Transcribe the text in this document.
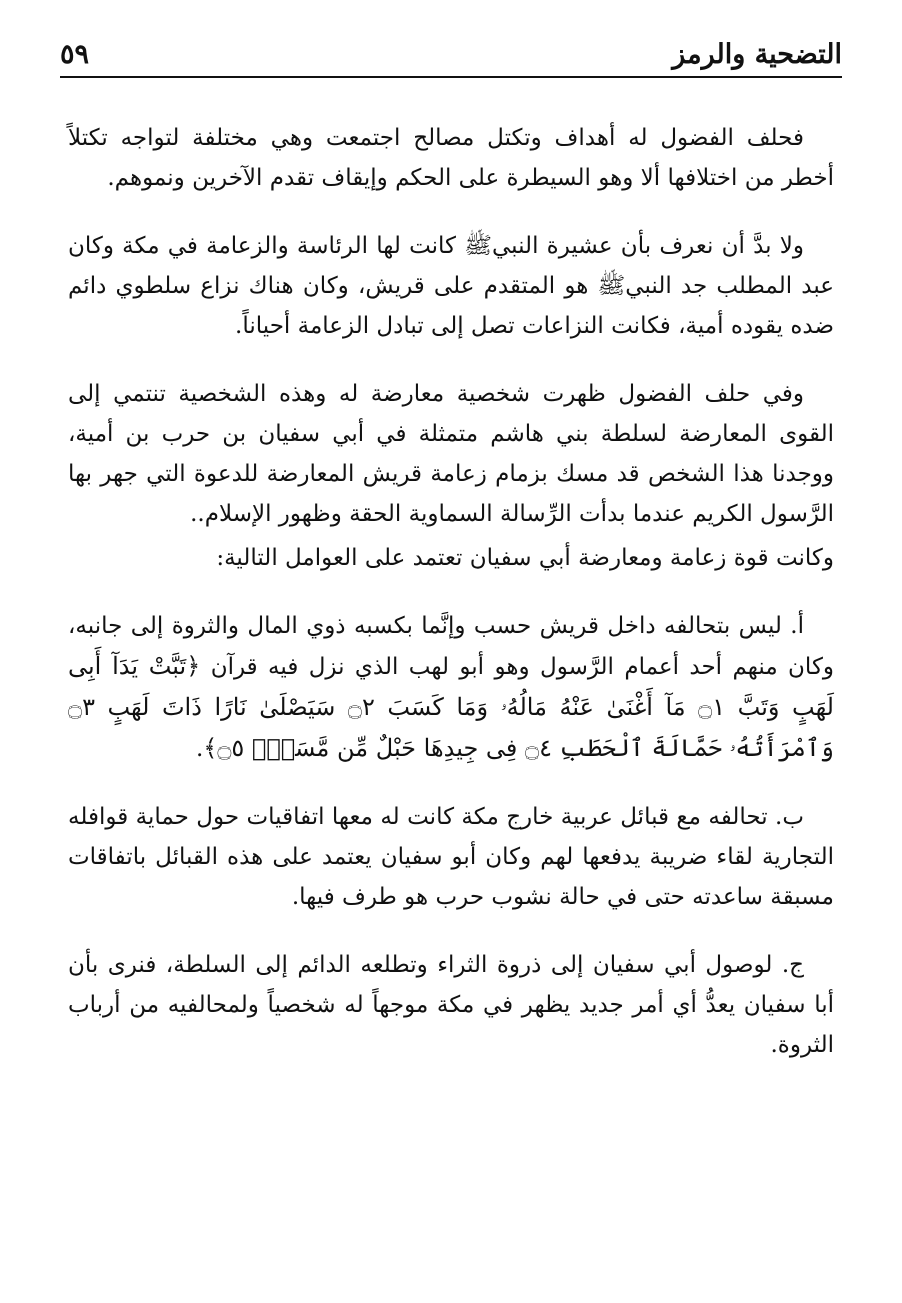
التضحية والرمز
٥٩

فحلف الفضول له أهداف وتكتل مصالح اجتمعت وهي مختلفة لتواجه تكتلاً أخطر من اختلافها ألا وهو السيطرة على الحكم وإيقاف تقدم الآخرين ونموهم.

ولا بدَّ أن نعرف بأن عشيرة النبيﷺ كانت لها الرئاسة والزعامة في مكة وكان عبد المطلب جد النبيﷺ هو المتقدم على قريش، وكان هناك نزاع سلطوي دائم ضده يقوده أمية، فكانت النزاعات تصل إلى تبادل الزعامة أحياناً.

وفي حلف الفضول ظهرت شخصية معارضة له وهذه الشخصية تنتمي إلى القوى المعارضة لسلطة بني هاشم متمثلة في أبي سفيان بن حرب بن أمية، ووجدنا هذا الشخص قد مسك بزمام زعامة قريش المعارضة للدعوة التي جهر بها الرَّسول الكريم عندما بدأت الرِّسالة السماوية الحقة وظهور الإسلام..

وكانت قوة زعامة ومعارضة أبي سفيان تعتمد على العوامل التالية:

أ. ليس بتحالفه داخل قريش حسب وإنَّما بكسبه ذوي المال والثروة إلى جانبه، وكان منهم أحد أعمام الرَّسول وهو أبو لهب الذي نزل فيه قرآن ﴿تَبَّتْ يَدَآ أَبِى لَهَبٍ وَتَبَّ ۝١ مَآ أَغْنَىٰ عَنْهُ مَالُهُۥ وَمَا كَسَبَ ۝٢ سَيَصْلَىٰ نَارًا ذَاتَ لَهَبٍ ۝٣ وَٱمْرَأَتُهُۥ حَمَّالَةَ ٱلْحَطَبِ ۝٤ فِى جِيدِهَا حَبْلٌ مِّن مَّسَدٍۭ ۝٥﴾.

ب. تحالفه مع قبائل عربية خارج مكة كانت له معها اتفاقيات حول حماية قوافله التجارية لقاء ضريبة يدفعها لهم وكان أبو سفيان يعتمد على هذه القبائل باتفاقات مسبقة ساعدته حتى في حالة نشوب حرب هو طرف فيها.

ج. لوصول أبي سفيان إلى ذروة الثراء وتطلعه الدائم إلى السلطة، فنرى بأن أبا سفيان يعدُّ أي أمر جديد يظهر في مكة موجهاً له شخصياً ولمحالفيه من أرباب الثروة.
